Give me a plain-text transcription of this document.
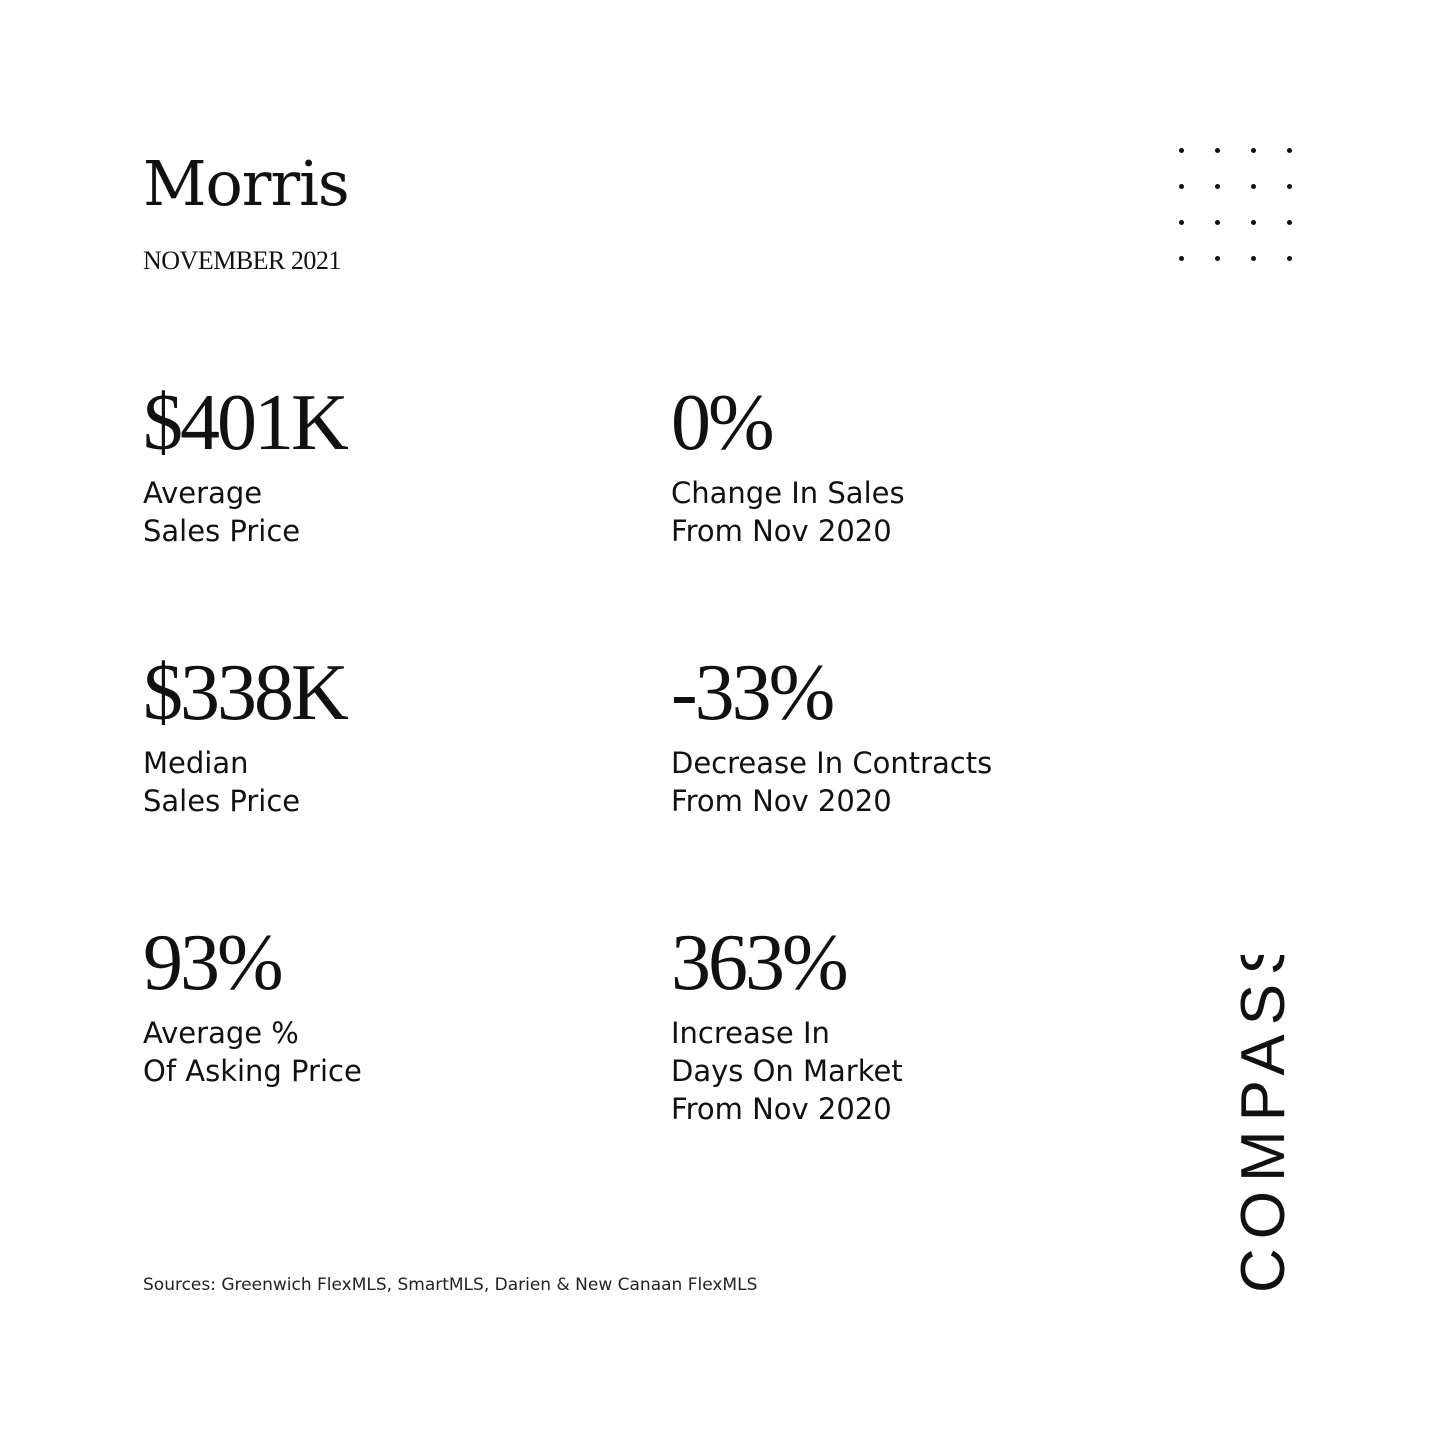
Morris
NOVEMBER 2021
$401K
Average
Sales Price
0%
Change In Sales
From Nov 2020
$338K
Median
Sales Price
-33%
Decrease In Contracts
From Nov 2020
93%
Average %
Of Asking Price
363%
Increase In
Days On Market
From Nov 2020
Sources: Greenwich FlexMLS, SmartMLS, Darien & New Canaan FlexMLS	COMPASS
